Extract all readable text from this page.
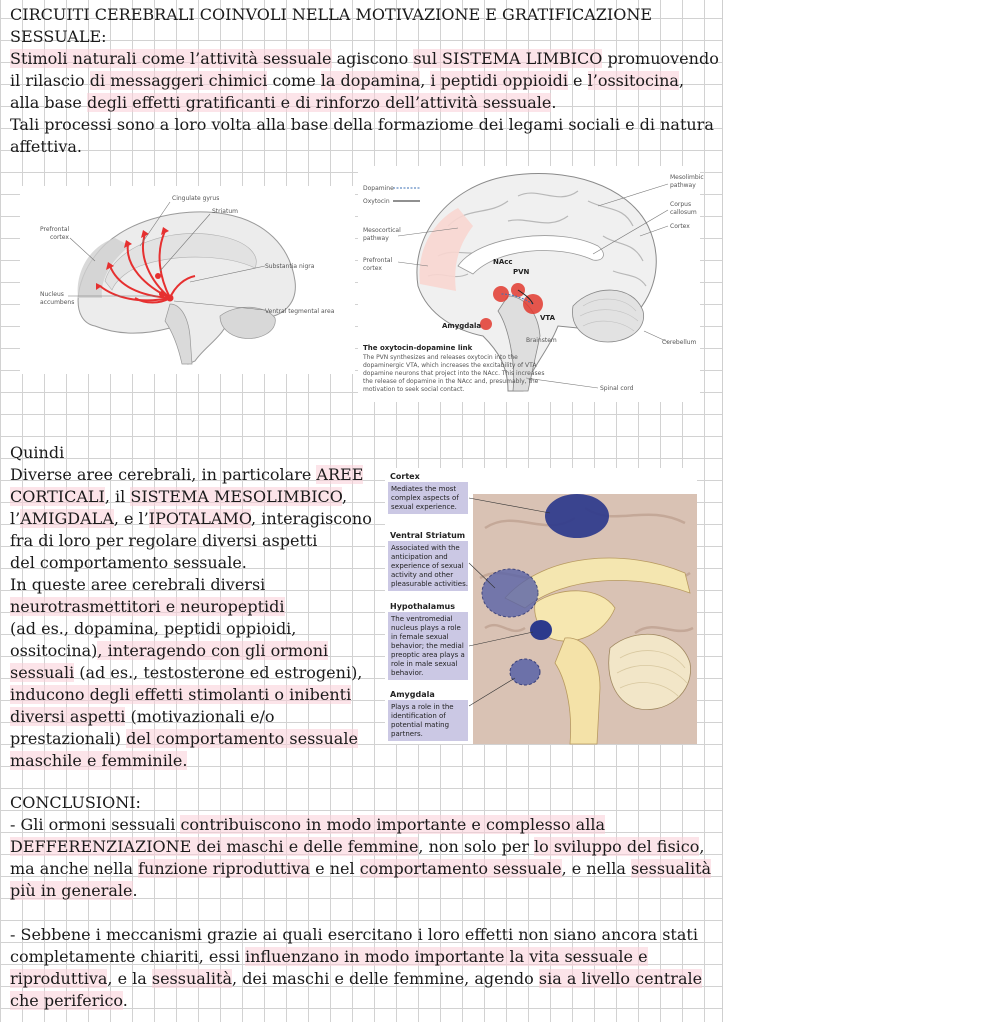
CIRCUITI CEREBRALI COINVOLI NELLA MOTIVAZIONE E GRATIFICAZIONE

SESSUALE:

Stimoli naturali come l’attività sessuale agiscono sul SISTEMA LIMBICO promuovendo

il rilascio di messaggeri chimici come la dopamina, i peptidi oppioidi e l’ossitocina,

alla base degli effetti gratificanti e di rinforzo dell’attività sessuale.

Tali processi sono a loro volta alla base della formaziome dei legami sociali e di natura

affettiva.

Cingulate gyrus
Striatum
Prefrontal
cortex
Substantia nigra
Nucleus
accumbens
Ventral tegmental area
Dopamine
Oxytocin
Mesocortical
pathway
Prefrontal
cortex
Mesolimbic
pathway
Corpus
callosum
Cortex
NAcc
PVN
VTA
Amygdala
Brainstem	Cerebellum
Spinal cord
The oxytocin-dopamine link
The PVN synthesizes and releases oxytocin into the
dopaminergic VTA, which increases the excitability of VTA
dopamine neurons that project into the NAcc. This increases
the release of dopamine in the NAcc and, presumably, the
motivation to seek social contact.

Quindi

Diverse aree cerebrali, in particolare AREE

CORTICALI, il SISTEMA MESOLIMBICO,

l’AMIGDALA, e l’IPOTALAMO, interagiscono

fra di loro per regolare diversi aspetti

del comportamento sessuale.

In queste aree cerebrali diversi

neurotrasmettitori e neuropeptidi

(ad es., dopamina, peptidi oppioidi,

ossitocina), interagendo con gli ormoni

sessuali (ad es., testosterone ed estrogeni),

inducono degli effetti stimolanti o inibenti

diversi aspetti (motivazionali e/o

prestazionali) del comportamento sessuale

maschile e femminile.

Cortex
Mediates the most
complex aspects of
sexual experience.
Ventral Striatum
Associated with the
anticipation and
experience of sexual
activity and other
pleasurable activities.
Hypothalamus
The ventromedial
nucleus plays a role
in female sexual
behavior; the medial
preoptic area plays a
role in male sexual
behavior.
Amygdala
Plays a role in the
identification of
potential mating
partners.

CONCLUSIONI:

- Gli ormoni sessuali contribuiscono in modo importante e complesso alla

DEFFERENZIAZIONE dei maschi e delle femmine, non solo per lo sviluppo del fisico,

ma anche nella funzione riproduttiva e nel comportamento sessuale, e nella sessualità

più in generale.

- Sebbene i meccanismi grazie ai quali esercitano i loro effetti non siano ancora stati

completamente chiariti, essi influenzano in modo importante la vita sessuale e

riproduttiva, e la sessualità, dei maschi e delle femmine, agendo sia a livello centrale

che periferico.
